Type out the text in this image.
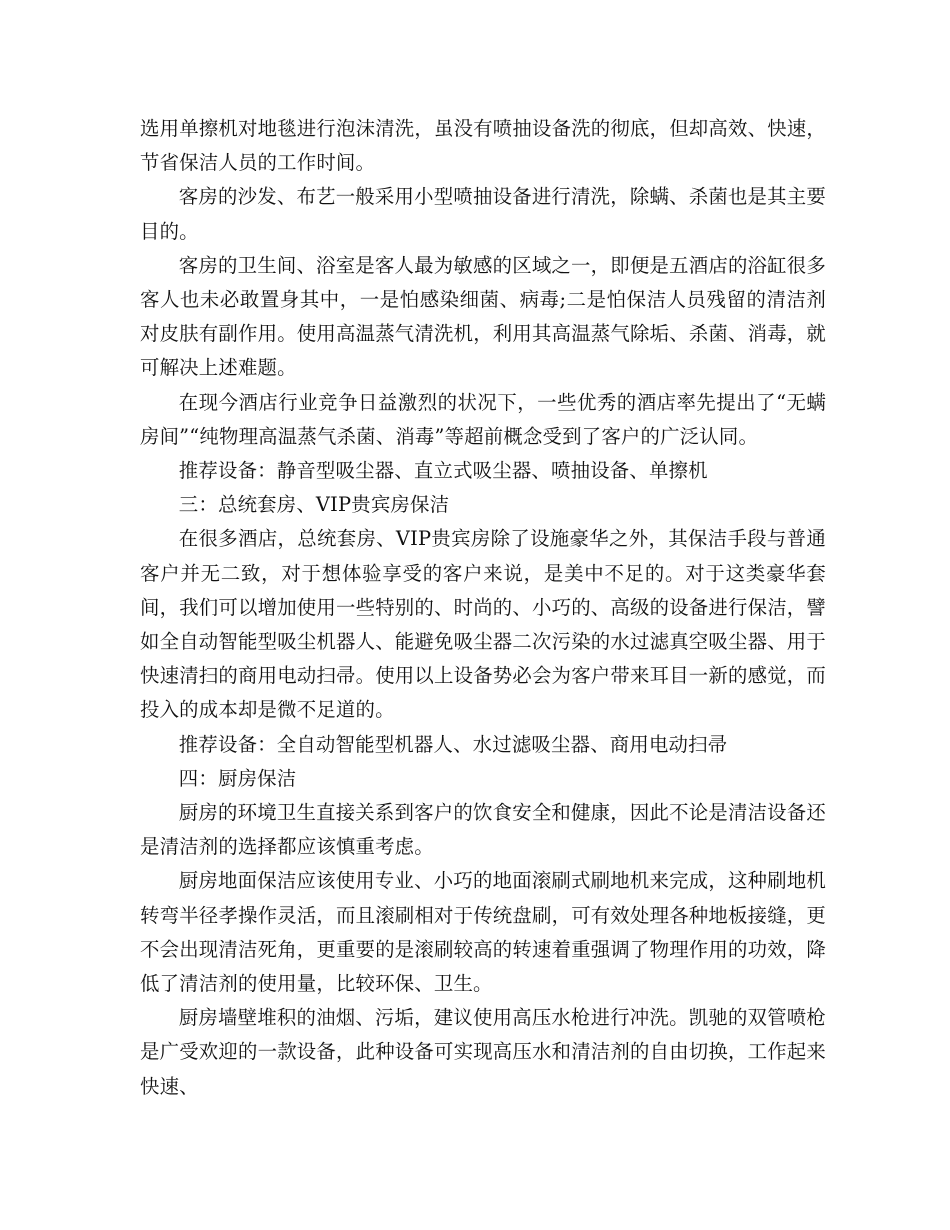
选用单擦机对地毯进行泡沫清洗，虽没有喷抽设备洗的彻底，但却高效、快速，节省保洁人员的工作时间。

客房的沙发、布艺一般采用小型喷抽设备进行清洗，除螨、杀菌也是其主要目的。

客房的卫生间、浴室是客人最为敏感的区域之一，即便是五酒店的浴缸很多客人也未必敢置身其中，一是怕感染细菌、病毒;二是怕保洁人员残留的清洁剂对皮肤有副作用。使用高温蒸气清洗机，利用其高温蒸气除垢、杀菌、消毒，就可解决上述难题。

在现今酒店行业竞争日益激烈的状况下，一些优秀的酒店率先提出了“无螨房间”“纯物理高温蒸气杀菌、消毒”等超前概念受到了客户的广泛认同。

推荐设备：静音型吸尘器、直立式吸尘器、喷抽设备、单擦机

三：总统套房、VIP贵宾房保洁

在很多酒店，总统套房、VIP贵宾房除了设施豪华之外，其保洁手段与普通客户并无二致，对于想体验享受的客户来说，是美中不足的。对于这类豪华套间，我们可以增加使用一些特别的、时尚的、小巧的、高级的设备进行保洁，譬如全自动智能型吸尘机器人、能避免吸尘器二次污染的水过滤真空吸尘器、用于快速清扫的商用电动扫帚。使用以上设备势必会为客户带来耳目一新的感觉，而投入的成本却是微不足道的。

推荐设备：全自动智能型机器人、水过滤吸尘器、商用电动扫帚

四：厨房保洁

厨房的环境卫生直接关系到客户的饮食安全和健康，因此不论是清洁设备还是清洁剂的选择都应该慎重考虑。

厨房地面保洁应该使用专业、小巧的地面滚刷式刷地机来完成，这种刷地机转弯半径孝操作灵活，而且滚刷相对于传统盘刷，可有效处理各种地板接缝，更不会出现清洁死角，更重要的是滚刷较高的转速着重强调了物理作用的功效，降低了清洁剂的使用量，比较环保、卫生。

厨房墙壁堆积的油烟、污垢，建议使用高压水枪进行冲洗。凯驰的双管喷枪是广受欢迎的一款设备，此种设备可实现高压水和清洁剂的自由切换，工作起来快速、
